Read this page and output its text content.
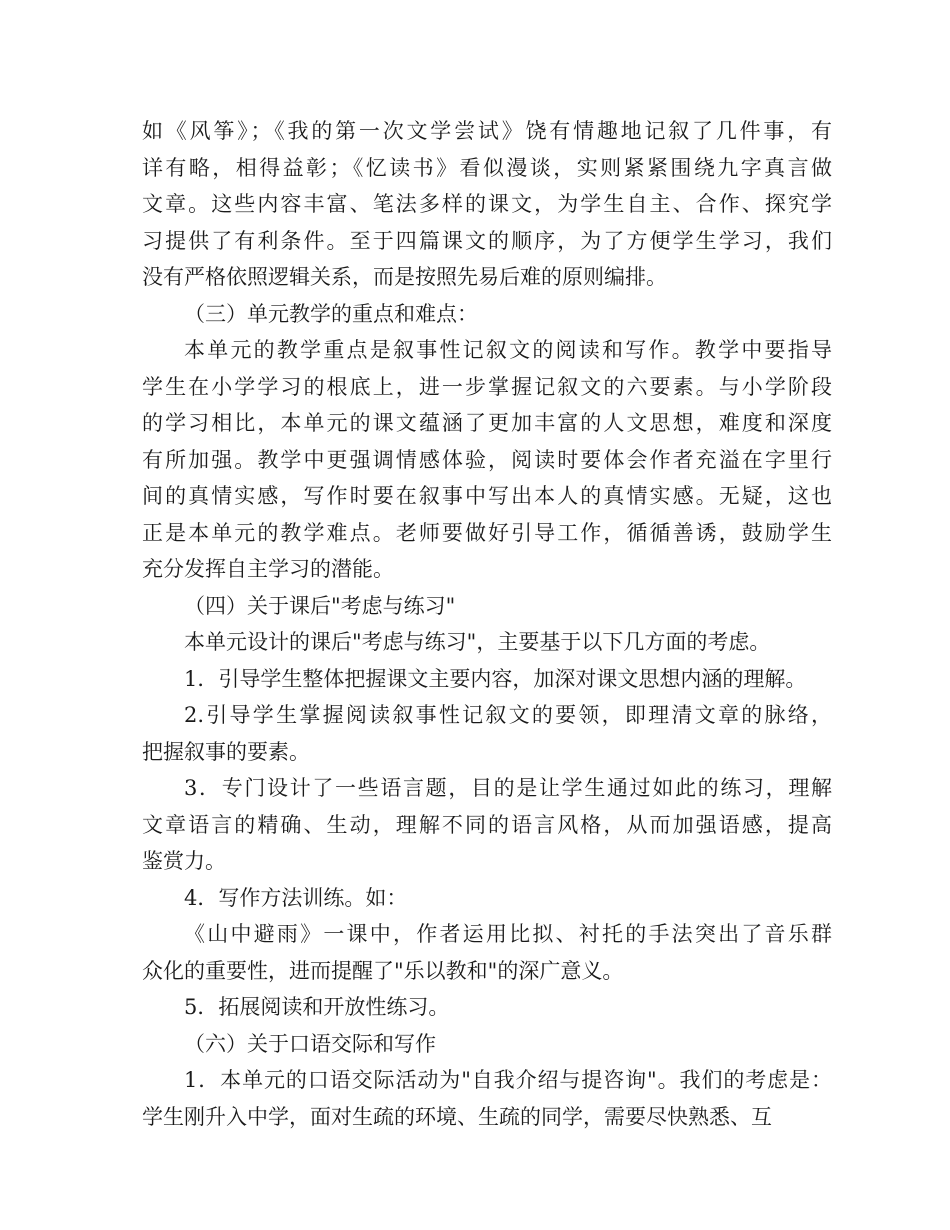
如《风筝》；《我的第一次文学尝试》饶有情趣地记叙了几件事，有
详有略，相得益彰；《忆读书》看似漫谈，实则紧紧围绕九字真言做
文章。这些内容丰富、笔法多样的课文，为学生自主、合作、探究学
习提供了有利条件。至于四篇课文的顺序，为了方便学生学习，我们
没有严格依照逻辑关系，而是按照先易后难的原则编排。
（三）单元教学的重点和难点：
本单元的教学重点是叙事性记叙文的阅读和写作。教学中要指导
学生在小学学习的根底上，进一步掌握记叙文的六要素。与小学阶段
的学习相比，本单元的课文蕴涵了更加丰富的人文思想，难度和深度
有所加强。教学中更强调情感体验，阅读时要体会作者充溢在字里行
间的真情实感，写作时要在叙事中写出本人的真情实感。无疑，这也
正是本单元的教学难点。老师要做好引导工作，循循善诱，鼓励学生
充分发挥自主学习的潜能。
（四）关于课后"考虑与练习"
本单元设计的课后"考虑与练习"，主要基于以下几方面的考虑。
1．引导学生整体把握课文主要内容，加深对课文思想内涵的理解。
2.引导学生掌握阅读叙事性记叙文的要领，即理清文章的脉络，
把握叙事的要素。
3．专门设计了一些语言题，目的是让学生通过如此的练习，理解
文章语言的精确、生动，理解不同的语言风格，从而加强语感，提高
鉴赏力。
4．写作方法训练。如：
《山中避雨》一课中，作者运用比拟、衬托的手法突出了音乐群
众化的重要性，进而提醒了"乐以教和"的深广意义。
5．拓展阅读和开放性练习。
（六）关于口语交际和写作
1．本单元的口语交际活动为"自我介绍与提咨询"。我们的考虑是：
学生刚升入中学，面对生疏的环境、生疏的同学，需要尽快熟悉、互
